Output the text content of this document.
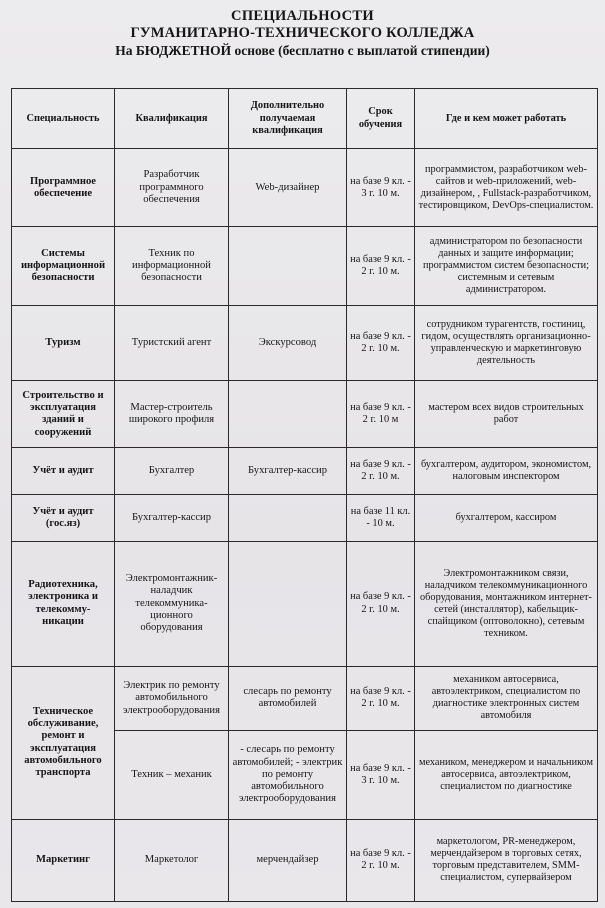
СПЕЦИАЛЬНОСТИ
ГУМАНИТАРНО-ТЕХНИЧЕСКОГО КОЛЛЕДЖА
На БЮДЖЕТНОЙ основе (бесплатно с выплатой стипендии)
Специальность	Квалификация	Дополнительно получаемая квалификация	Срок обучения	Где и кем может работать
Программное обеспечение	Разработчик программного обеспечения	Web-дизайнер	на базе 9 кл. - 3 г. 10 м.	программистом, разработчиком web-сайтов и web-приложений, web-дизайнером, , Fullstack-разработчиком, тестировщиком, DevOps-специалистом.
Системы информационной безопасности	Техник по информационной безопасности		на базе 9 кл. - 2 г. 10 м.	администратором по безопасности данных и защите информации; программистом систем безопасности; системным и сетевым администратором.
Туризм	Туристский агент	Экскурсовод	на базе 9 кл. - 2 г. 10 м.	сотрудником турагентств, гостиниц, гидом, осуществлять организационно-управленческую и маркетинговую деятельность
Строительство и эксплуатация зданий и сооружений	Мастер-строитель широкого профиля		на базе 9 кл. - 2 г. 10 м	мастером всех видов строительных работ
Учёт и аудит	Бухгалтер	Бухгалтер-кассир	на базе 9 кл. - 2 г. 10 м.	бухгалтером, аудитором, экономистом, налоговым инспектором
Учёт и аудит (гос.яз)	Бухгалтер-кассир		на базе 11 кл. - 10 м.	бухгалтером, кассиром
Радиотехника, электроника и телекомму-никации	Электромонтажник-наладчик телекоммуника-ционного оборудования		на базе 9 кл. - 2 г. 10 м.	Электромонтажником связи, наладчиком телекоммуникационного оборудования, монтажником интернет-сетей (инсталлятор), кабельщик-спайщиком (оптоволокно), сетевым техником.
Техническое обслуживание, ремонт и эксплуатация автомобильного транспорта	Электрик по ремонту автомобильного электрооборудования	слесарь по ремонту автомобилей	на базе 9 кл. - 2 г. 10 м.	механиком автосервиса, автоэлектриком, специалистом по диагностике электронных систем автомобиля
	Техник – механик	- слесарь по ремонту автомобилей; - электрик по ремонту автомобильного электрооборудования	на базе 9 кл. - 3 г. 10 м.	механиком, менеджером и начальником автосервиса, автоэлектриком, специалистом по диагностике
Маркетинг	Маркетолог	мерчендайзер	на базе 9 кл. - 2 г. 10 м.	маркетологом, PR-менеджером, мерчендайзером в торговых сетях, торговым представителем, SMM-специалистом, супервайзером
